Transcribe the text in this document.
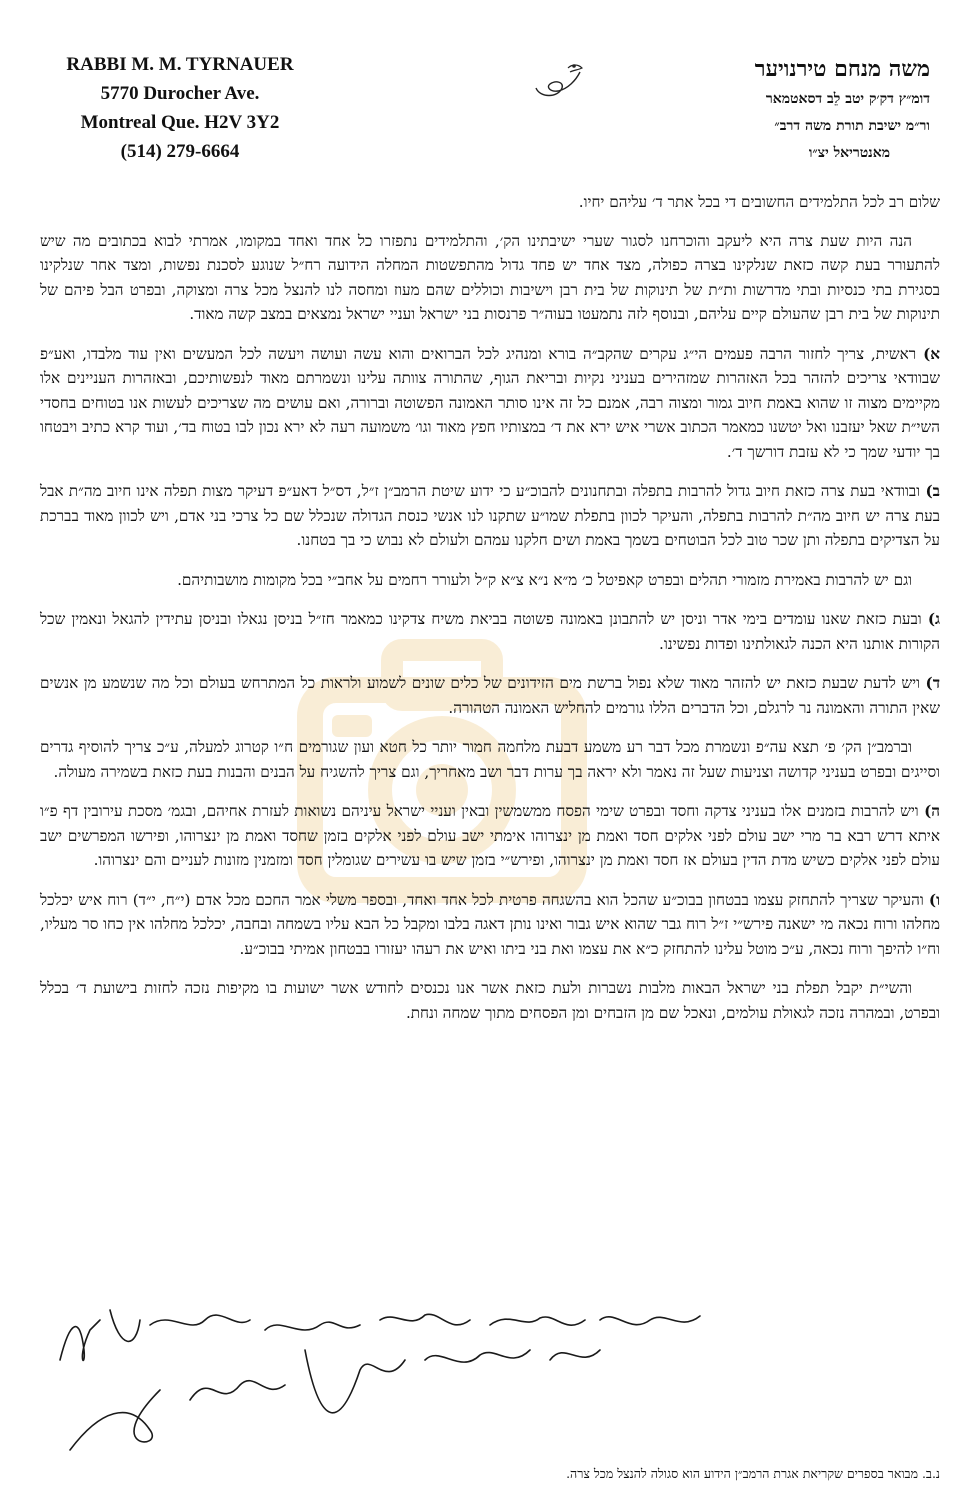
RABBI M. M. TYRNAUER
5770 Durocher Ave.
Montreal Que. H2V 3Y2
(514) 279-6664
משה מנחם טירנויער
דומ״ץ דק׳ק יטב לֵב דסאטמאר
ור״מ ישיבת תורת משה דרב״
מאנטריאל יצ״ו

שלום רב לכל התלמידים החשובים די בכל אתר ד׳ עליהם יחיו.

הנה היות שעת צרה היא ליעקב והוכרחנו לסגור שערי ישיבתינו הק׳, והתלמידים נתפזרו כל אחד ואחד במקומו, אמרתי לבוא בכתובים מה שיש להתעורר בעת קשה כזאת שנלקינו בצרה כפולה, מצד אחד יש פחד גדול מהתפשטות המחלה הידועה רח״ל שנוגע לסכנת נפשות, ומצד אחר שנלקינו בסגירת בתי כנסיות ובתי מדרשות ות״ת של תינוקות של בית רבן וישיבות וכוללים שהם מעוז ומחסה לנו להנצל מכל צרה ומצוקה, ובפרט הבל פיהם של תינוקות של בית רבן שהעולם קיים עליהם, ובנוסף לזה נתמעטו בעוה״ר פרנסות בני ישראל ועניי ישראל נמצאים במצב קשה מאוד.

א) ראשית, צריך לחזור הרבה פעמים הי״ג עקרים שהקב״ה בורא ומנהיג לכל הברואים והוא עשה ועושה ויעשה לכל המעשים ואין עוד מלבדו, ואע״פ שבוודאי צריכים להזהר בכל האזהרות שמזהירים בעניני נקיות ובריאת הגוף, שהתורה צוותה עלינו ונשמרתם מאוד לנפשותיכם, ובאזהרות העניינים אלו מקיימים מצוה זו שהוא באמת חיוב גמור ומצוה רבה, אמנם כל זה אינו סותר האמונה הפשוטה וברורה, ואם עושים מה שצריכים לעשות אנו בטוחים בחסדי השי״ת שאל יעזבנו ואל יטשנו כמאמר הכתוב אשרי איש ירא את ד׳ במצותיו חפץ מאוד וגו׳ משמועה רעה לא ירא נכון לבו בטוח בד׳, ועוד קרא כתיב ויבטחו בך יודעי שמך כי לא עזבת דורשך ד׳.

ב) ובוודאי בעת צרה כזאת חיוב גדול להרבות בתפלה ובתחנונים להבוכ״ע כי ידוע שיטת הרמב״ן ז״ל, דס״ל דאע״פ דעיקר מצות תפלה אינו חיוב מה״ת אבל בעת צרה יש חיוב מה״ת להרבות בתפלה, והעיקר לכוון בתפלת שמו״ע שתקנו לנו אנשי כנסת הגדולה שנכלל שם כל צרכי בני אדם, ויש לכוון מאוד בברכת על הצדיקים בתפלה ותן שכר טוב לכל הבוטחים בשמך באמת ושים חלקנו עמהם ולעולם לא נבוש כי בך בטחנו.

וגם יש להרבות באמירת מזמורי תהלים ובפרט קאפיטל כ׳ מ״א נ״א צ״א ק״ל ולעורר רחמים על אחב״י בכל מקומות מושבותיהם.

ג) ובעת כזאת שאנו עומדים בימי אדר וניסן יש להתבונן באמונה פשוטה בביאת משיח צדקינו כמאמר חז״ל בניסן נגאלו ובניסן עתידין להגאל ונאמין שכל הקורות אותנו היא הכנה לגאולתינו ופדות נפשינו.

ד) ויש לדעת שבעת כזאת יש להזהר מאוד שלא נפול ברשת מים הזידונים של כלים שונים לשמוע ולראות כל המתרחש בעולם וכל מה שנשמע מן אנשים שאין התורה והאמונה נר לרגלם, וכל הדברים הללו גורמים להחליש האמונה הטהורה.

וברמב״ן הק׳ פ׳ תצא עה״פ ונשמרת מכל דבר רע משמע דבעת מלחמה חמור יותר כל חטא ועון שגורמים ח״ו קטרוג למעלה, ע״כ צריך להוסיף גדרים וסייגים ובפרט בעניני קדושה וצניעות שעל זה נאמר ולא יראה בך ערות דבר ושב מאחריך, וגם צריך להשגיח על הבנים והבנות בעת כזאת בשמירה מעולה.

ה) ויש להרבות בזמנים אלו בעניני צדקה וחסד ובפרט שימי הפסח ממשמשין ובאין ועניי ישראל עיניהם נשואות לעזרת אחיהם, ובגמ׳ מסכת עירובין דף פ״ו איתא דרש רבא בר מרי ישב עולם לפני אלקים חסד ואמת מן ינצרוהו אימתי ישב עולם לפני אלקים בזמן שחסד ואמת מן ינצרוהו, ופירשו המפרשים ישב עולם לפני אלקים כשיש מדת הדין בעולם אז חסד ואמת מן ינצרוהו, ופירש״י בזמן שיש בו עשירים שגומלין חסד ומזמנין מזונות לעניים והם ינצרוהו.

ו) והעיקר שצריך להתחזק עצמו בבטחון בבוכ״ע שהכל הוא בהשגחה פרטית לכל אחד ואחד, ובספר משלי אמר החכם מכל אדם (י״ח, י״ד) רוח איש יכלכל מחלהו ורוח נכאה מי ישאנה פירש״י ז״ל רוח גבר שהוא איש גבור ואינו נותן דאגה בלבו ומקבל כל הבא עליו בשמחה ובחבה, יכלכל מחלהו אין כחו סר מעליו, וח״ו להיפך ורוח נכאה, ע״כ מוטל עלינו להתחזק כ״א את עצמו ואת בני ביתו ואיש את רעהו יעזורו בבטחון אמיתי בבוכ״ע.

והשי״ת יקבל תפלת בני ישראל הבאות מלבות נשברות ולעת כזאת אשר אנו נכנסים לחודש אשר ישועות בו מקיפות נזכה לחזות בישועת ד׳ בכלל ובפרט, ובמהרה נזכה לגאולת עולמים, ונאכל שם מן הזבחים ומן הפסחים מתוך שמחה ונחת.

וע״ז באתי על החתום ד׳ ניסן ת״ש
משה מנחם טירנויער
נ.ב. מבואר בספרים שקריאת אגרת הרמב״ן הידוע הוא סגולה להנצל מכל צרה.
